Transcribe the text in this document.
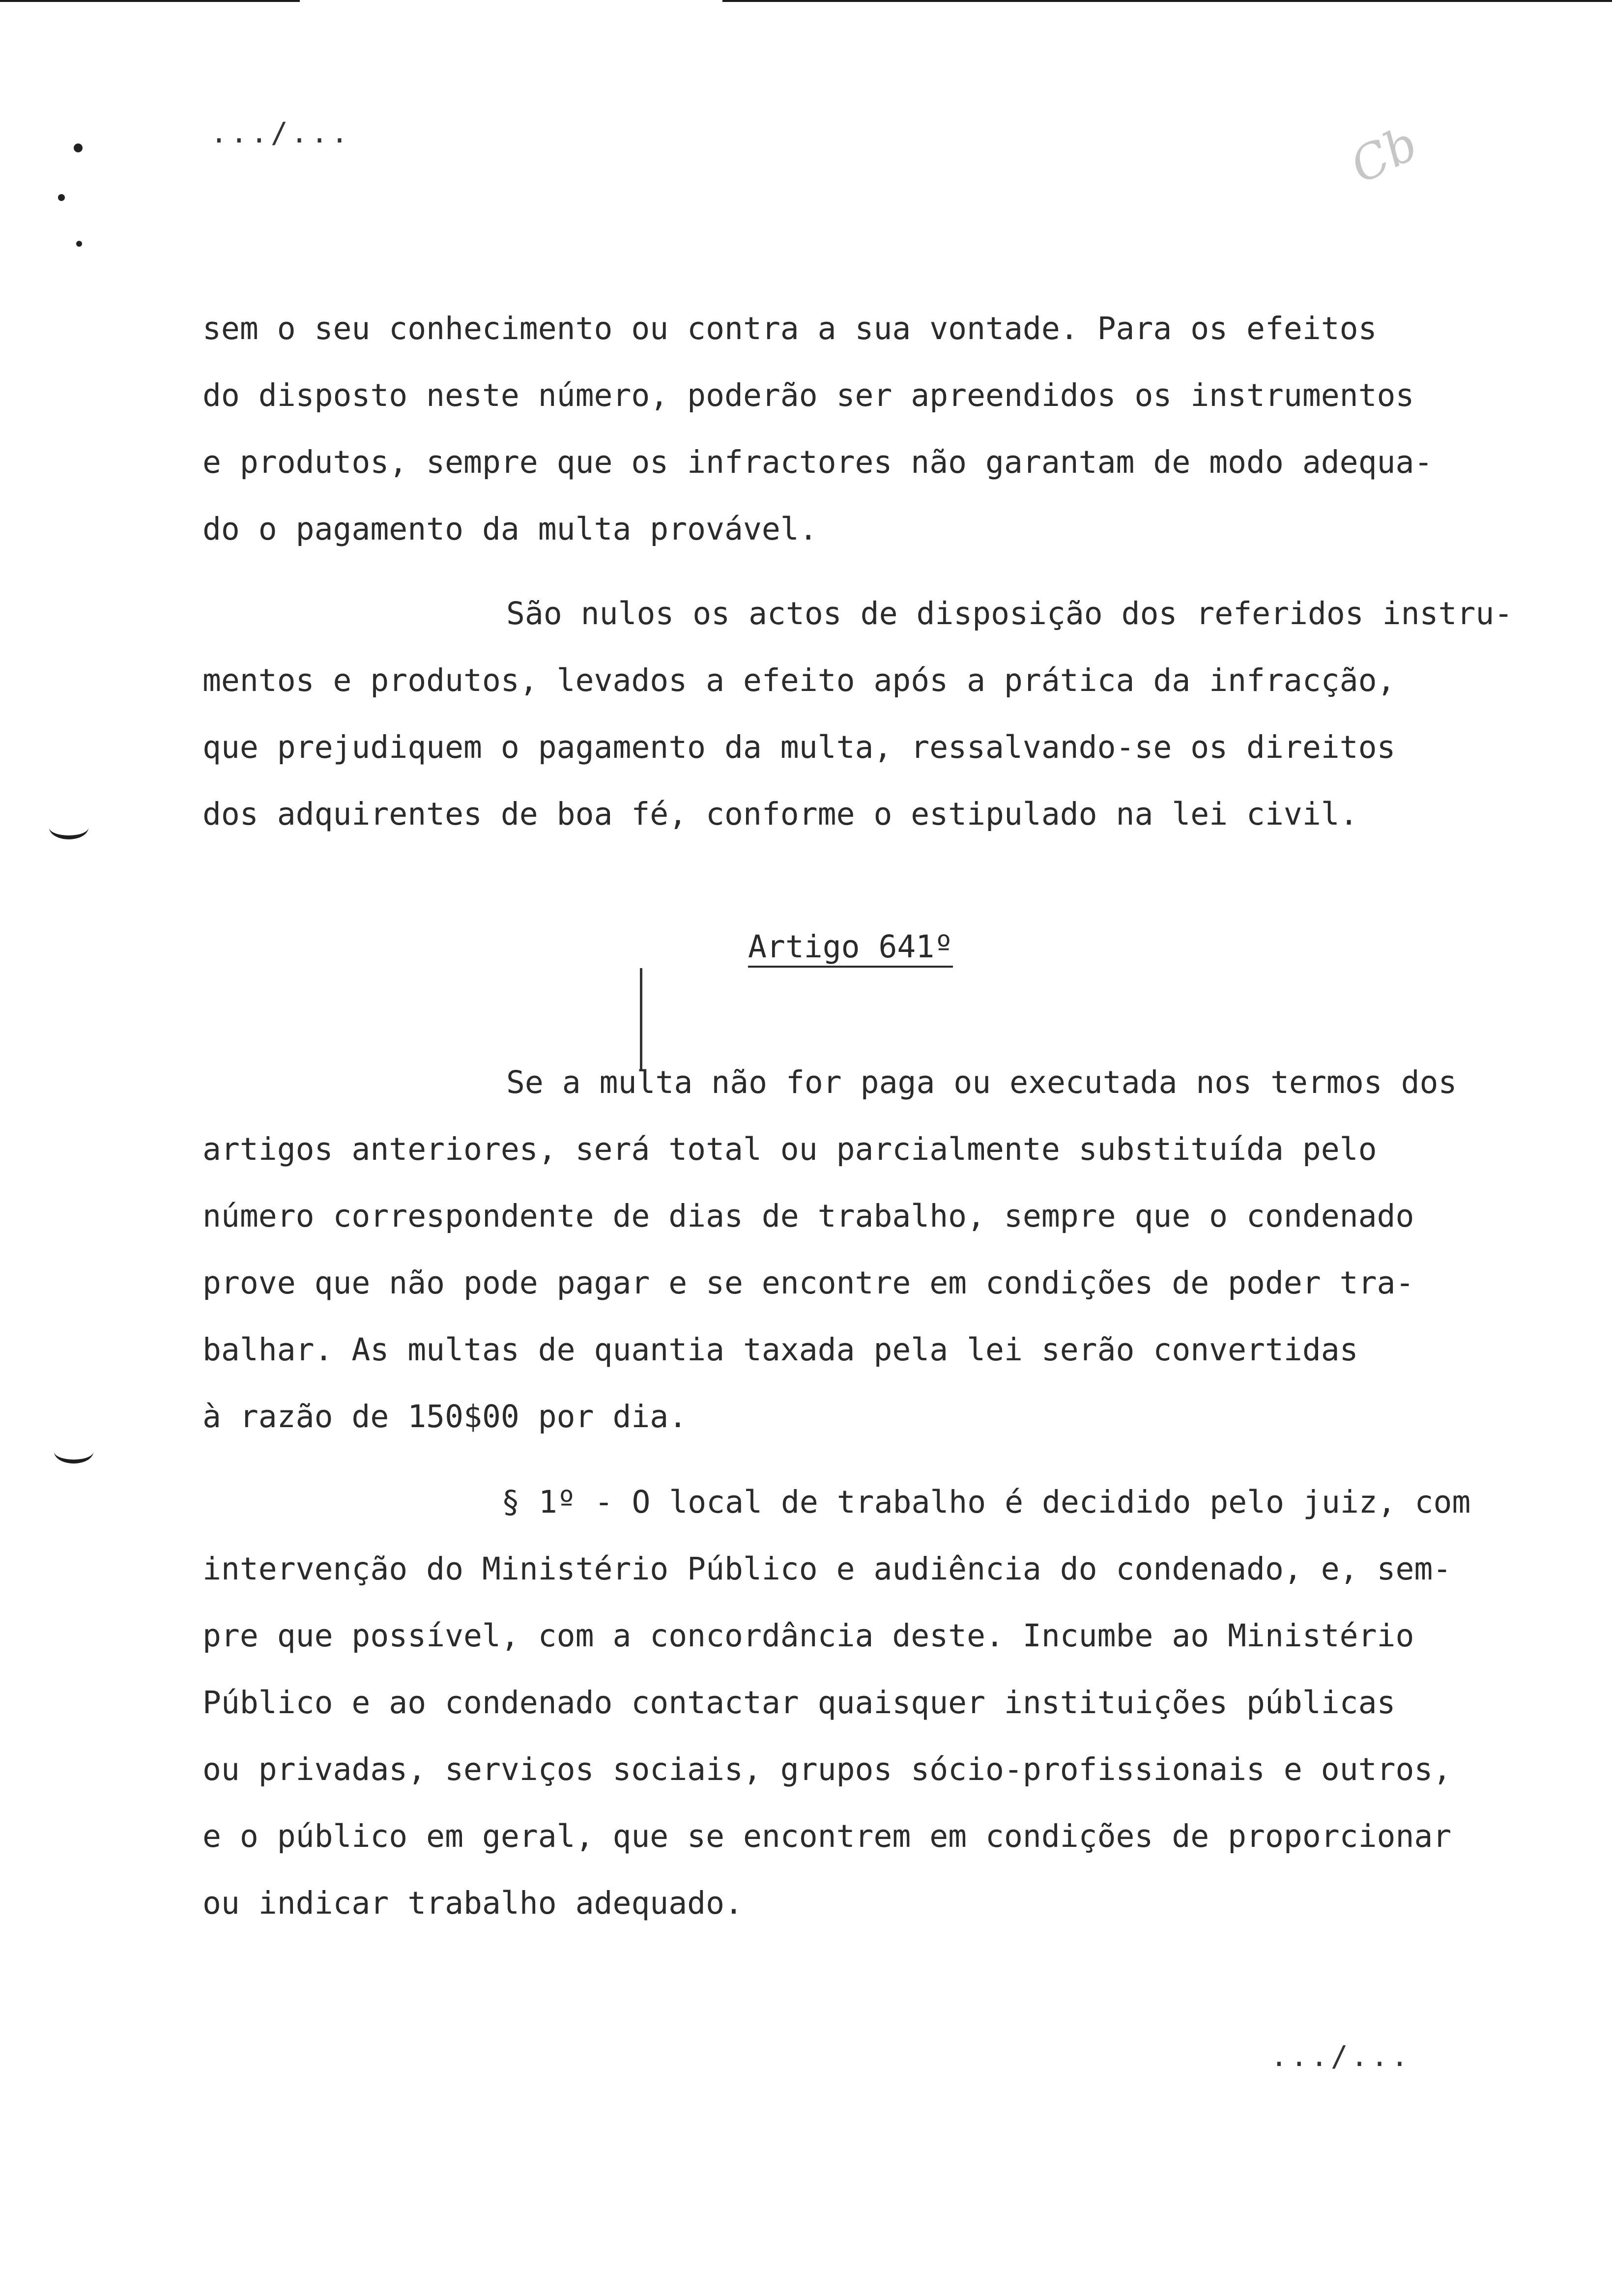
.../...	Cb

sem o seu conhecimento ou contra a sua vontade. Para os efeitos

do disposto neste número, poderão ser apreendidos os instrumentos

e produtos, sempre que os infractores não garantam de modo adequa-

do o pagamento da multa provável.

São nulos os actos de disposição dos referidos instru-

mentos e produtos, levados a efeito após a prática da infracção,

que prejudiquem o pagamento da multa, ressalvando-se os direitos

dos adquirentes de boa fé, conforme o estipulado na lei civil.

Se a multa não for paga ou executada nos termos dos

artigos anteriores, será total ou parcialmente substituída pelo

número correspondente de dias de trabalho, sempre que o condenado

prove que não pode pagar e se encontre em condições de poder tra-

balhar. As multas de quantia taxada pela lei serão convertidas

à razão de 150$00 por dia.

§ 1º - O local de trabalho é decidido pelo juiz, com

intervenção do Ministério Público e audiência do condenado, e, sem-

pre que possível, com a concordância deste. Incumbe ao Ministério

Público e ao condenado contactar quaisquer instituições públicas

ou privadas, serviços sociais, grupos sócio-profissionais e outros,

e o público em geral, que se encontrem em condições de proporcionar

ou indicar trabalho adequado.

Artigo 641º
.../...
